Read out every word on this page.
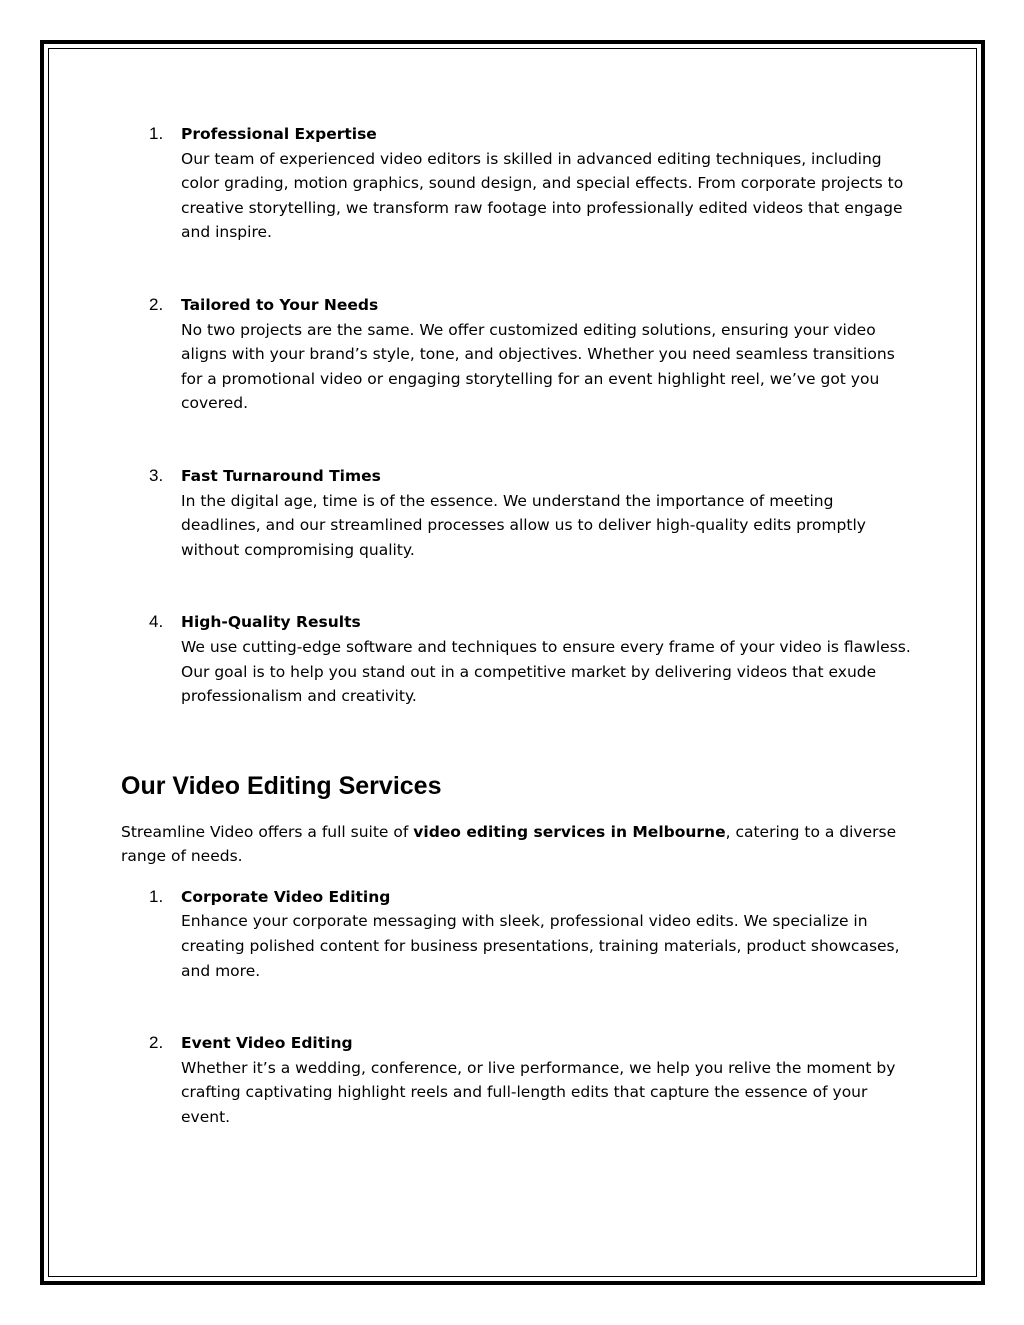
1. Professional Expertise
Our team of experienced video editors is skilled in advanced editing techniques, including color grading, motion graphics, sound design, and special effects. From corporate projects to creative storytelling, we transform raw footage into professionally edited videos that engage and inspire.
2. Tailored to Your Needs
No two projects are the same. We offer customized editing solutions, ensuring your video aligns with your brand’s style, tone, and objectives. Whether you need seamless transitions for a promotional video or engaging storytelling for an event highlight reel, we’ve got you covered.
3. Fast Turnaround Times
In the digital age, time is of the essence. We understand the importance of meeting deadlines, and our streamlined processes allow us to deliver high-quality edits promptly without compromising quality.
4. High-Quality Results
We use cutting-edge software and techniques to ensure every frame of your video is flawless. Our goal is to help you stand out in a competitive market by delivering videos that exude professionalism and creativity.
Our Video Editing Services

Streamline Video offers a full suite of video editing services in Melbourne, catering to a diverse range of needs.

1. Corporate Video Editing
Enhance your corporate messaging with sleek, professional video edits. We specialize in creating polished content for business presentations, training materials, product showcases, and more.
2. Event Video Editing
Whether it’s a wedding, conference, or live performance, we help you relive the moment by crafting captivating highlight reels and full-length edits that capture the essence of your event.
